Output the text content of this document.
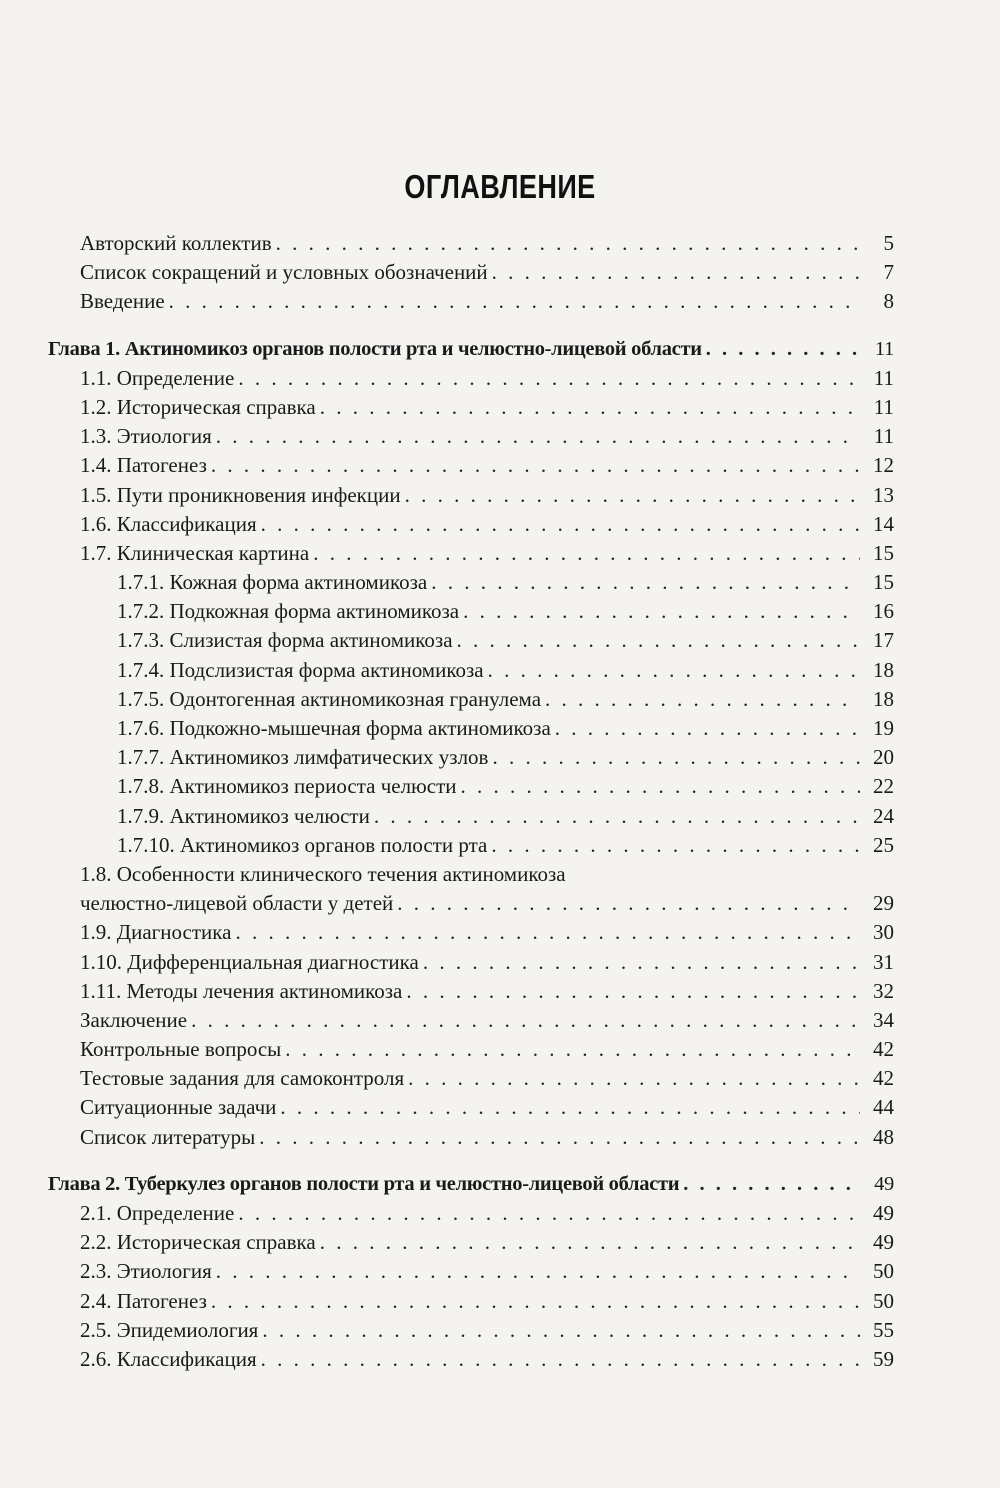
ОГЛАВЛЕНИЕ
Авторский коллектив . . .	5
Список сокращений и условных обозначений . . .	7
Введение . . .	8
Глава 1. Актиномикоз органов полости рта и челюстно-лицевой области . . .	11
1.1. Определение . . .	11
1.2. Историческая справка . . .	11
1.3. Этиология . . .	11
1.4. Патогенез . . .	12
1.5. Пути проникновения инфекции . . .	13
1.6. Классификация . . .	14
1.7. Клиническая картина . . .	15
1.7.1. Кожная форма актиномикоза . . .	15
1.7.2. Подкожная форма актиномикоза . . .	16
1.7.3. Слизистая форма актиномикоза . . .	17
1.7.4. Подслизистая форма актиномикоза . . .	18
1.7.5. Одонтогенная актиномикозная гранулема . . .	18
1.7.6. Подкожно-мышечная форма актиномикоза . . .	19
1.7.7. Актиномикоз лимфатических узлов . . .	20
1.7.8. Актиномикоз периоста челюсти . . .	22
1.7.9. Актиномикоз челюсти . . .	24
1.7.10. Актиномикоз органов полости рта . . .	25
1.8. Особенности клинического течения актиномикоза
челюстно-лицевой области у детей . . .	29
1.9. Диагностика . . .	30
1.10. Дифференциальная диагностика . . .	31
1.11. Методы лечения актиномикоза . . .	32
Заключение . . .	34
Контрольные вопросы . . .	42
Тестовые задания для самоконтроля . . .	42
Ситуационные задачи . . .	44
Список литературы . . .	48
Глава 2. Туберкулез органов полости рта и челюстно-лицевой области . . .	49
2.1. Определение . . .	49
2.2. Историческая справка . . .	49
2.3. Этиология . . .	50
2.4. Патогенез . . .	50
2.5. Эпидемиология . . .	55
2.6. Классификация . . .	59
